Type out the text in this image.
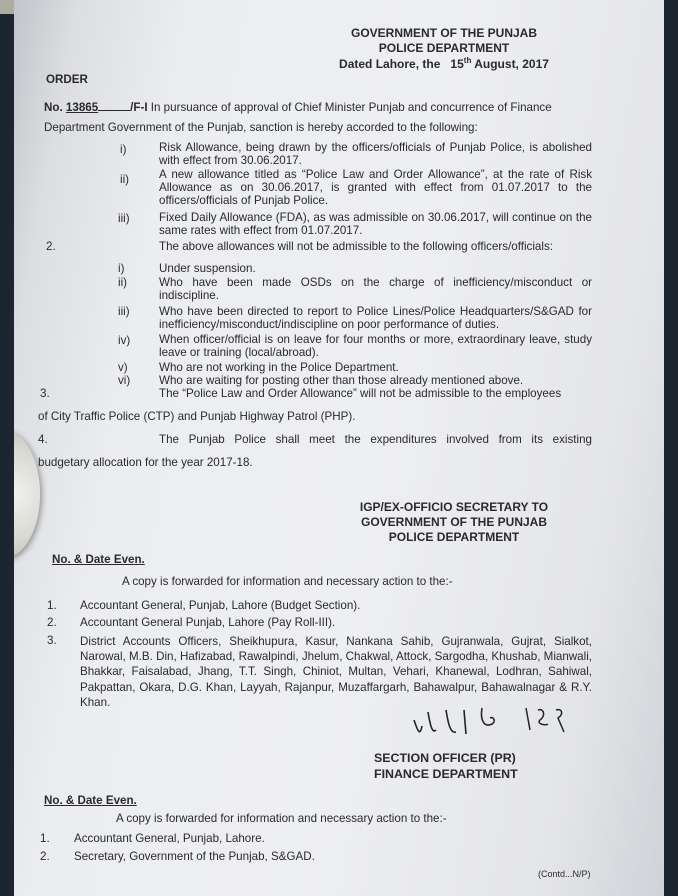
GOVERNMENT OF THE PUNJAB
POLICE DEPARTMENT
Dated Lahore, the 15th August, 2017
ORDER
No. 13865	/F-I In pursuance of approval of Chief Minister Punjab and concurrence of Finance
Department Government of the Punjab, sanction is hereby accorded to the following:
i)	Risk Allowance, being drawn by the officers/officials of Punjab Police, is abolished with effect from 30.06.2017.
ii)	A new allowance titled as “Police Law and Order Allowance”, at the rate of Risk Allowance as on 30.06.2017, is granted with effect from 01.07.2017 to the officers/officials of Punjab Police.
iii)	Fixed Daily Allowance (FDA), as was admissible on 30.06.2017, will continue on the same rates with effect from 01.07.2017.
2.	The above allowances will not be admissible to the following officers/officials:
i)	Under suspension.
ii)	Who have been made OSDs on the charge of inefficiency/misconduct or indiscipline.
iii)	Who have been directed to report to Police Lines/Police Headquarters/S&GAD for inefficiency/misconduct/indiscipline on poor performance of duties.
iv) When officer/official is on leave for four months or more, extraordinary leave, study leave or training (local/abroad).
v)	Who are not working in the Police Department.
vi) Who are waiting for posting other than those already mentioned above.
3.	The “Police Law and Order Allowance” will not be admissible to the employees
of City Traffic Police (CTP) and Punjab Highway Patrol (PHP).
4.	The Punjab Police shall meet the expenditures involved from its existing
budgetary allocation for the year 2017-18.
IGP/EX-OFFICIO SECRETARY TO
GOVERNMENT OF THE PUNJAB
POLICE DEPARTMENT
No. & Date Even.
A copy is forwarded for information and necessary action to the:-
1. Accountant General, Punjab, Lahore (Budget Section).
2. Accountant General Punjab, Lahore (Pay Roll-III).
3. District Accounts Officers, Sheikhupura, Kasur, Nankana Sahib, Gujranwala, Gujrat, Sialkot, Narowal, M.B. Din, Hafizabad, Rawalpindi, Jhelum, Chakwal, Attock, Sargodha, Khushab, Mianwali, Bhakkar, Faisalabad, Jhang, T.T. Singh, Chiniot, Multan, Vehari, Khanewal, Lodhran, Sahiwal, Pakpattan, Okara, D.G. Khan, Layyah, Rajanpur, Muzaffargarh, Bahawalpur, Bahawalnagar & R.Y. Khan.
SECTION OFFICER (PR)
FINANCE DEPARTMENT
No. & Date Even.
A copy is forwarded for information and necessary action to the:-
1. Accountant General, Punjab, Lahore.
2. Secretary, Government of the Punjab, S&GAD.
(Contd...N/P)
